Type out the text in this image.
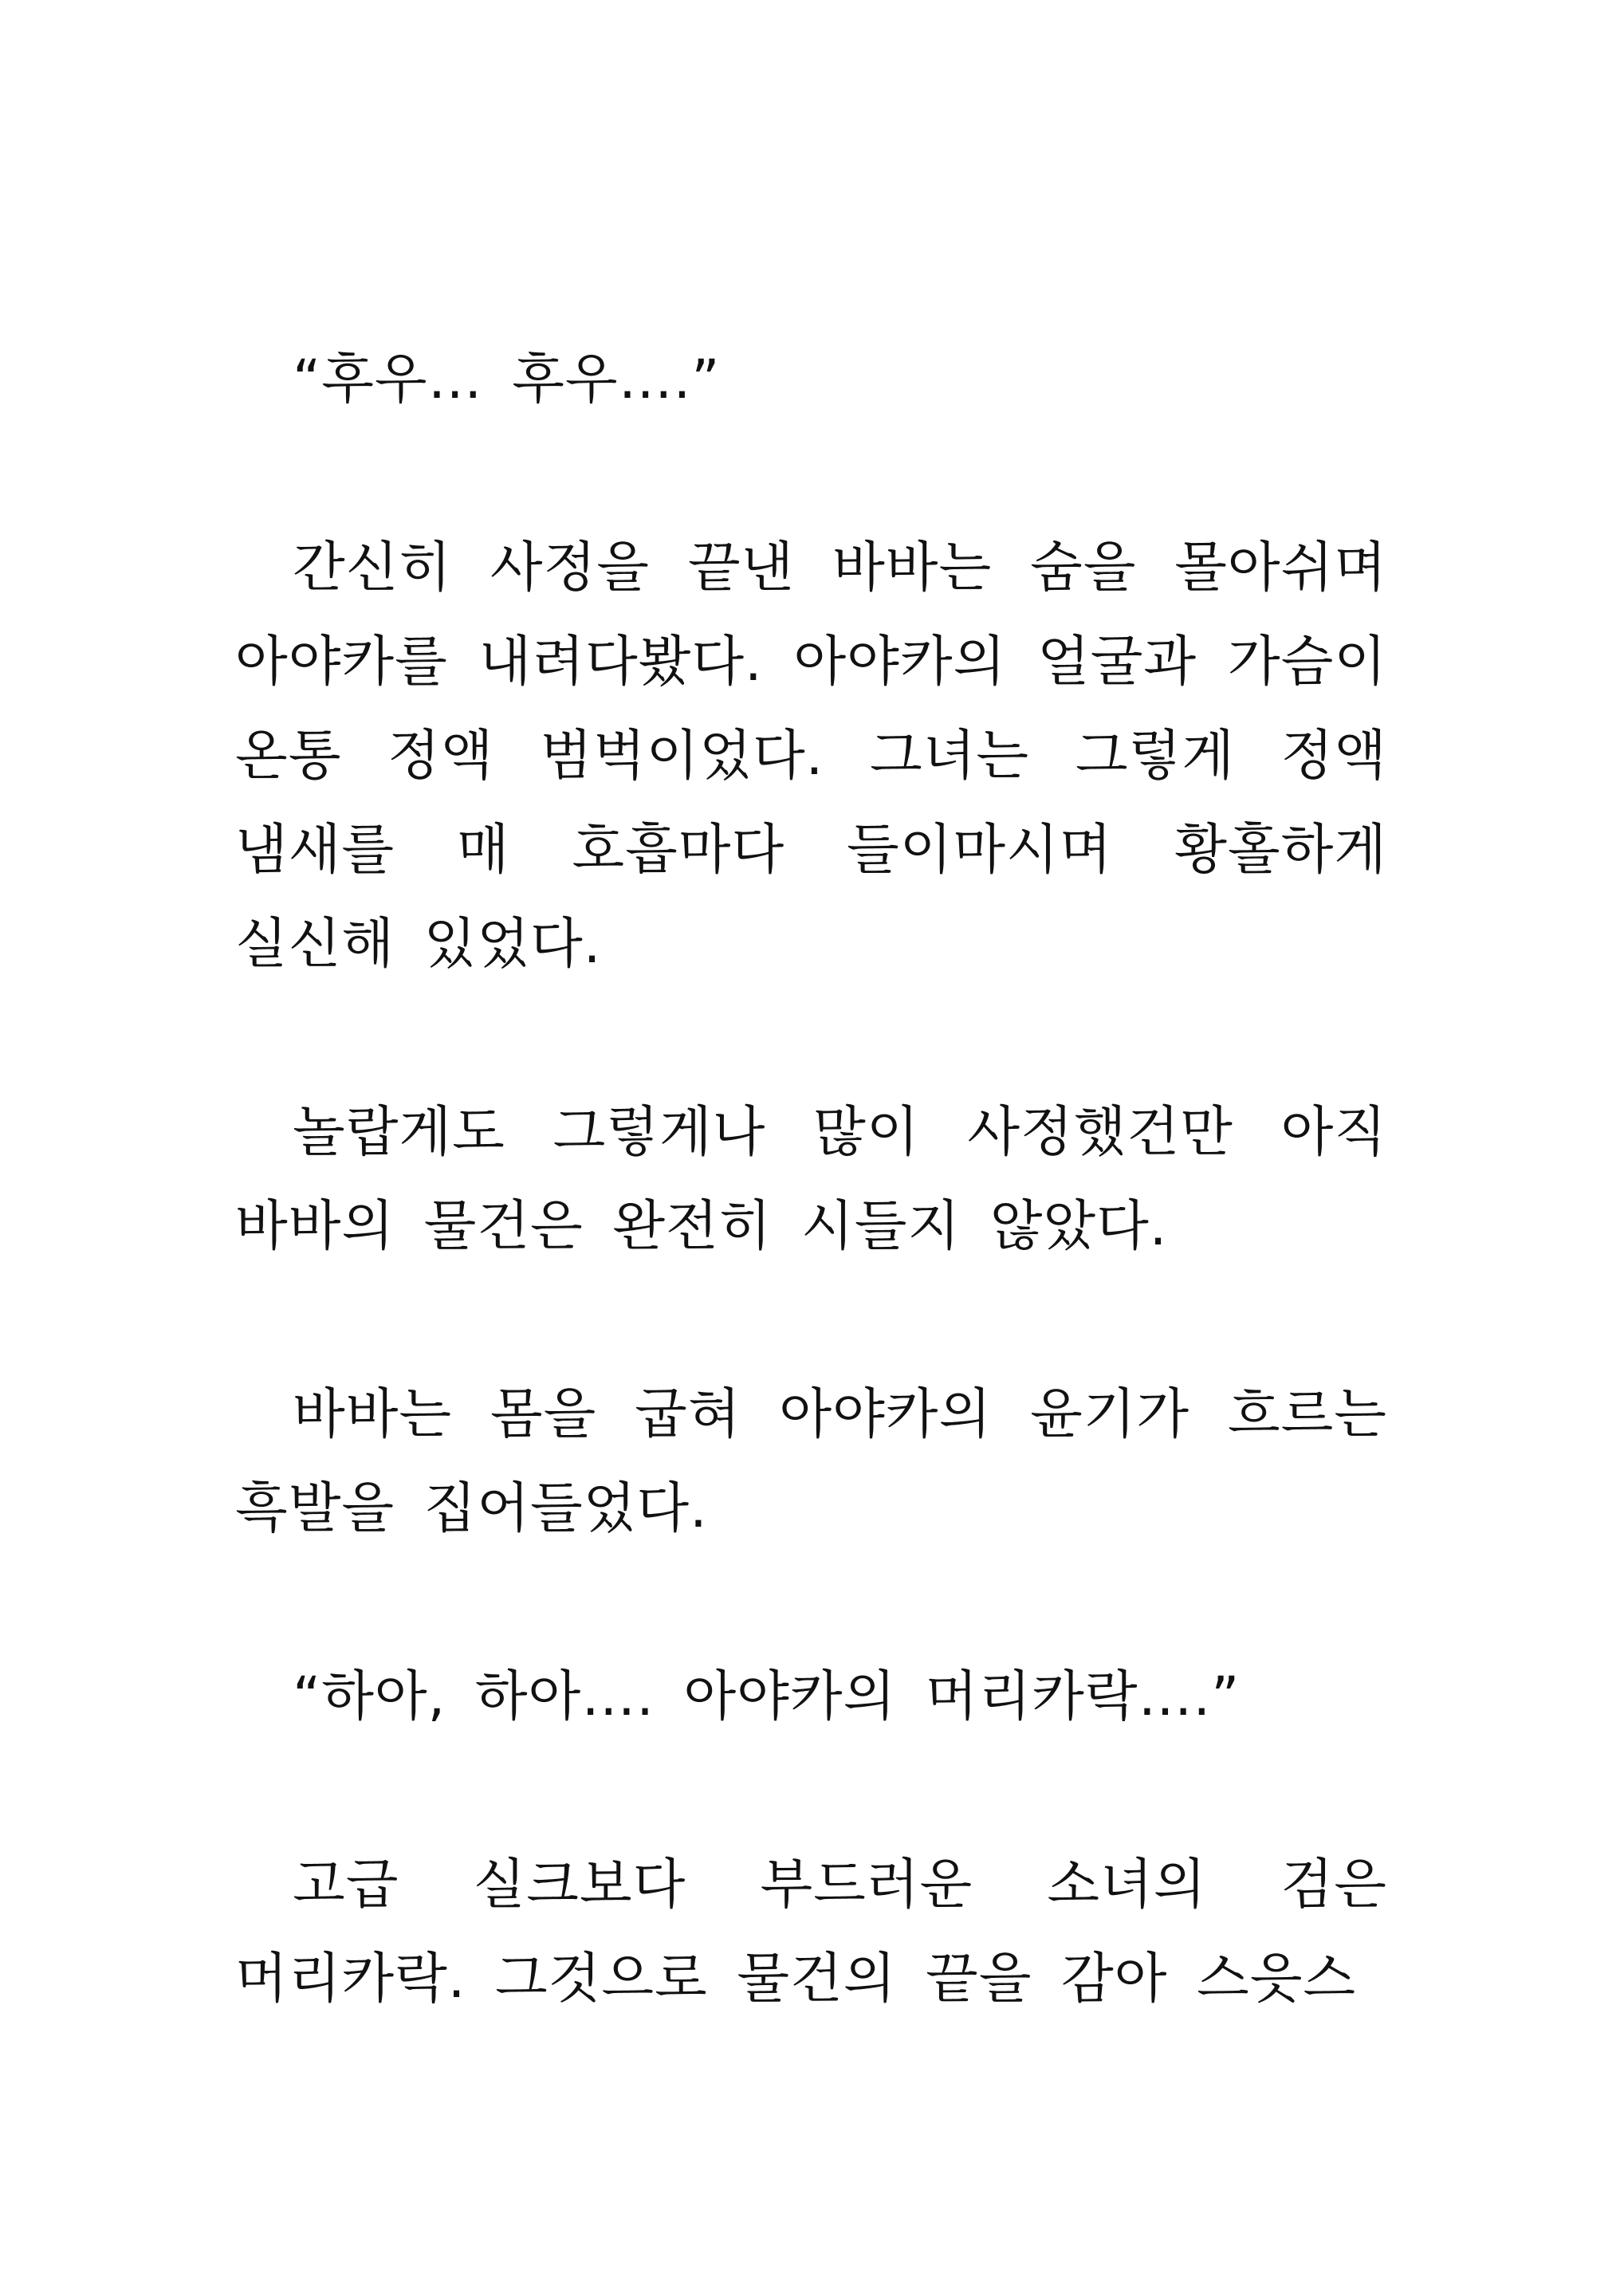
“후우… 후우….”

간신히 사정을 끝낸 바바는 숨을 몰아쉬며 아야카를 내려다봤다. 아야카의 얼굴과 가슴이 온통 정액 범벅이었다. 그녀는 그렇게 정액 냄새를 매 호흡마다 들이마시며 황홀하게 실신해 있었다.

놀랍게도 그렇게나 많이 사정했건만 아직 바바의 물건은 완전히 시들지 않았다.

바바는 몸을 굽혀 아야카의 윤기가 흐르는 흑발을 집어들었다.

“하아, 하아…. 아야카의 머리카락….”

고급 실크보다 부드러운 소녀의 검은 머리카락. 그것으로 물건의 끝을 감아 스읏스
